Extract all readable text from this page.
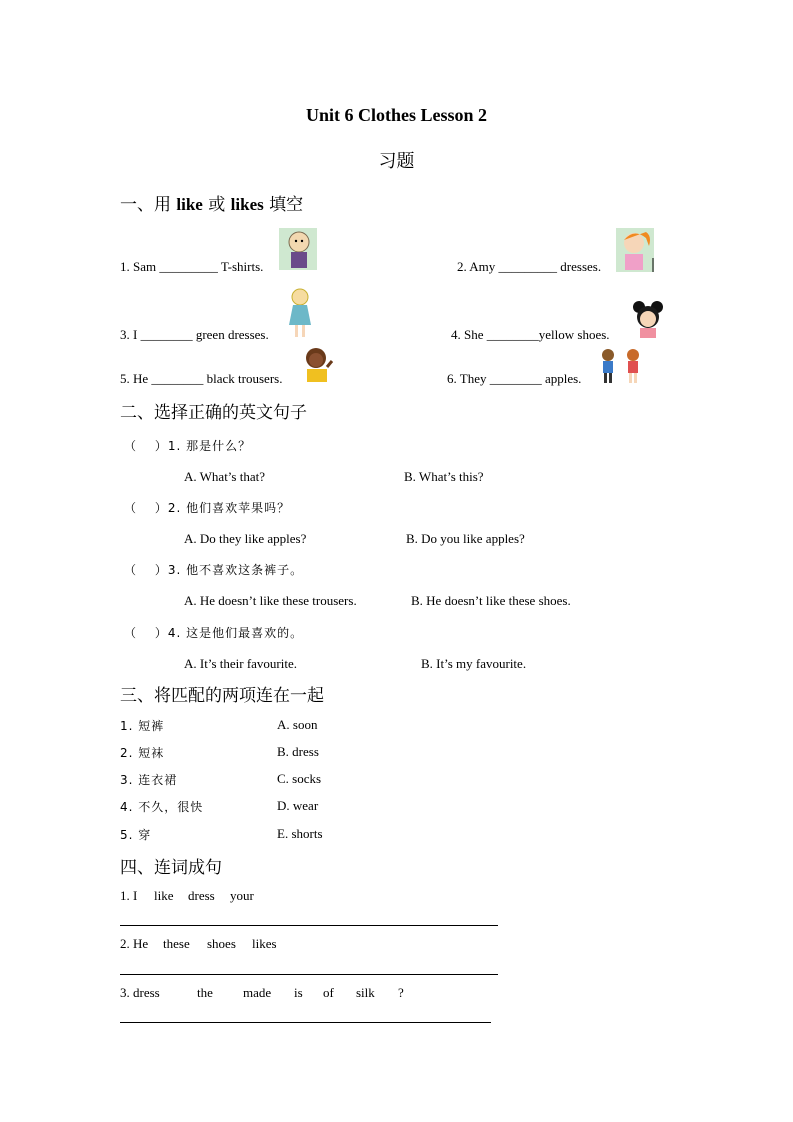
Unit 6 Clothes Lesson 2
习题
一、用 like 或 likes 填空
1. Sam _________ T-shirts.	2. Amy _________ dresses.
3. I ________ green dresses.	4. She ________yellow shoes.
5. He ________ black trousers.	6. They ________ apples.
二、选择正确的英文句子
（　 ）1. 那是什么？
A. What’s that?	B. What’s this?
（　 ）2. 他们喜欢苹果吗？
A. Do they like apples?	B. Do you like apples?
（　 ）3. 他不喜欢这条裤子。
A. He doesn’t like these trousers.	B. He doesn’t like these shoes.
（　 ）4. 这是他们最喜欢的。
A. It’s their favourite.	B. It’s my favourite.
三、将匹配的两项连在一起
1. 短裤	A. soon
2. 短袜	B. dress
3. 连衣裙	C. socks
4. 不久，很快	D. wear
5. 穿	E. shorts
四、连词成句
1. I like dress your
2. He these shoes likes
3. dress	the made is of silk ?
